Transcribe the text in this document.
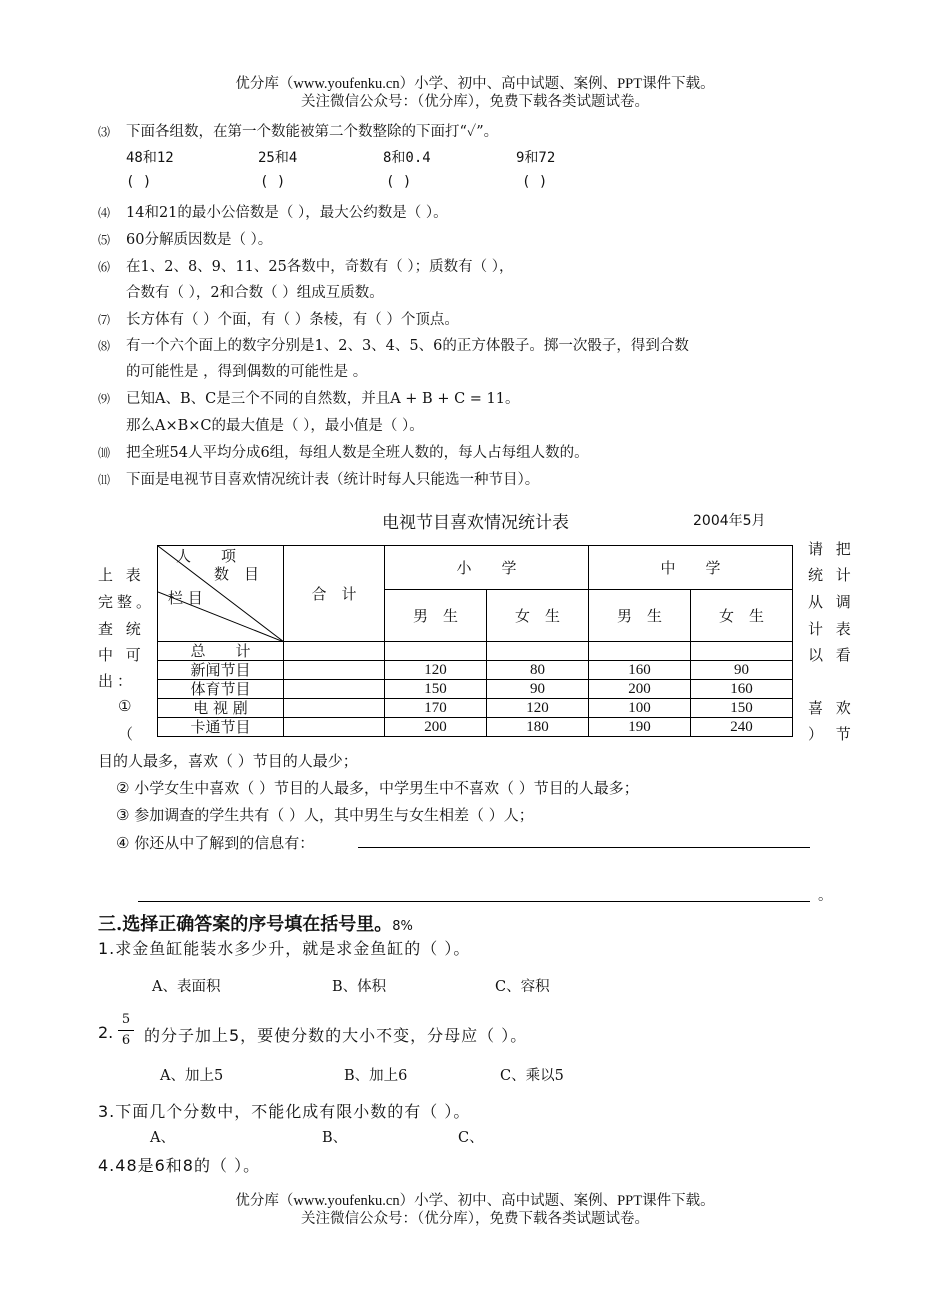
优分库（www.youfenku.cn）小学、初中、高中试题、案例、PPT课件下载。
关注微信公众号：（优分库），免费下载各类试题试卷。
⑶ 下面各组数，在第一个数能被第二个数整除的下面打“✓”。
48和12	25和4	8和0.4	9和72
( )	( )	( )	( )
⑷ 14和21的最小公倍数是（ ），最大公约数是（ ）。
⑸ 60分解质因数是（ ）。
⑹ 在1、2、8、9、11、25各数中，奇数有（ ）；质数有（ ），
合数有（ ），2和合数（ ）组成互质数。
⑺ 长方体有（ ）个面，有（ ）条棱，有（ ）个顶点。
⑻ 有一个六个面上的数字分别是1、2、3、4、5、6的正方体骰子。掷一次骰子，得到合数
的可能性是 ，得到偶数的可能性是 。
⑼ 已知A、B、C是三个不同的自然数，并且A + B + C = 11。
那么A×B×C的最大值是（ ），最小值是（ ）。
⑽ 把全班54人平均分成6组，每组人数是全班人数的，每人占每组人数的。
⑾ 下面是电视节目喜欢情况统计表（统计时每人只能选一种节目）。
电视节目喜欢情况统计表	2004年5月
上 表
完整。
查 统
中 可
出：
①
（
请 把
统 计
从 调
计 表
以 看
喜 欢
） 节
人　　项
数　目
栏 目	合　计	小　　学		中　　学	
		男　生	女　生	男　生	女　生
总　　计					
新闻节目		120	80	160	90
体育节目		150	90	200	160
电 视 剧		170	120	100	150
卡通节目		200	180	190	240
目的人最多，喜欢（ ）节目的人最少；
② 小学女生中喜欢（ ）节目的人最多，中学男生中不喜欢（ ）节目的人最多；
③ 参加调查的学生共有（ ）人，其中男生与女生相差（ ）人；
④ 你还从中了解到的信息有：
。
三.选择正确答案的序号填在括号里。8%
1.求金鱼缸能装水多少升，就是求金鱼缸的（ ）。
A、表面积	B、体积	C、容积
2.
5
6 的分子加上5，要使分数的大小不变，分母应（ ）。
A、加上5	B、加上6	C、乘以5
3.下面几个分数中，不能化成有限小数的有（ ）。
A、	B、	C、
4.48是6和8的（ ）。
优分库（www.youfenku.cn）小学、初中、高中试题、案例、PPT课件下载。
关注微信公众号：（优分库），免费下载各类试题试卷。
